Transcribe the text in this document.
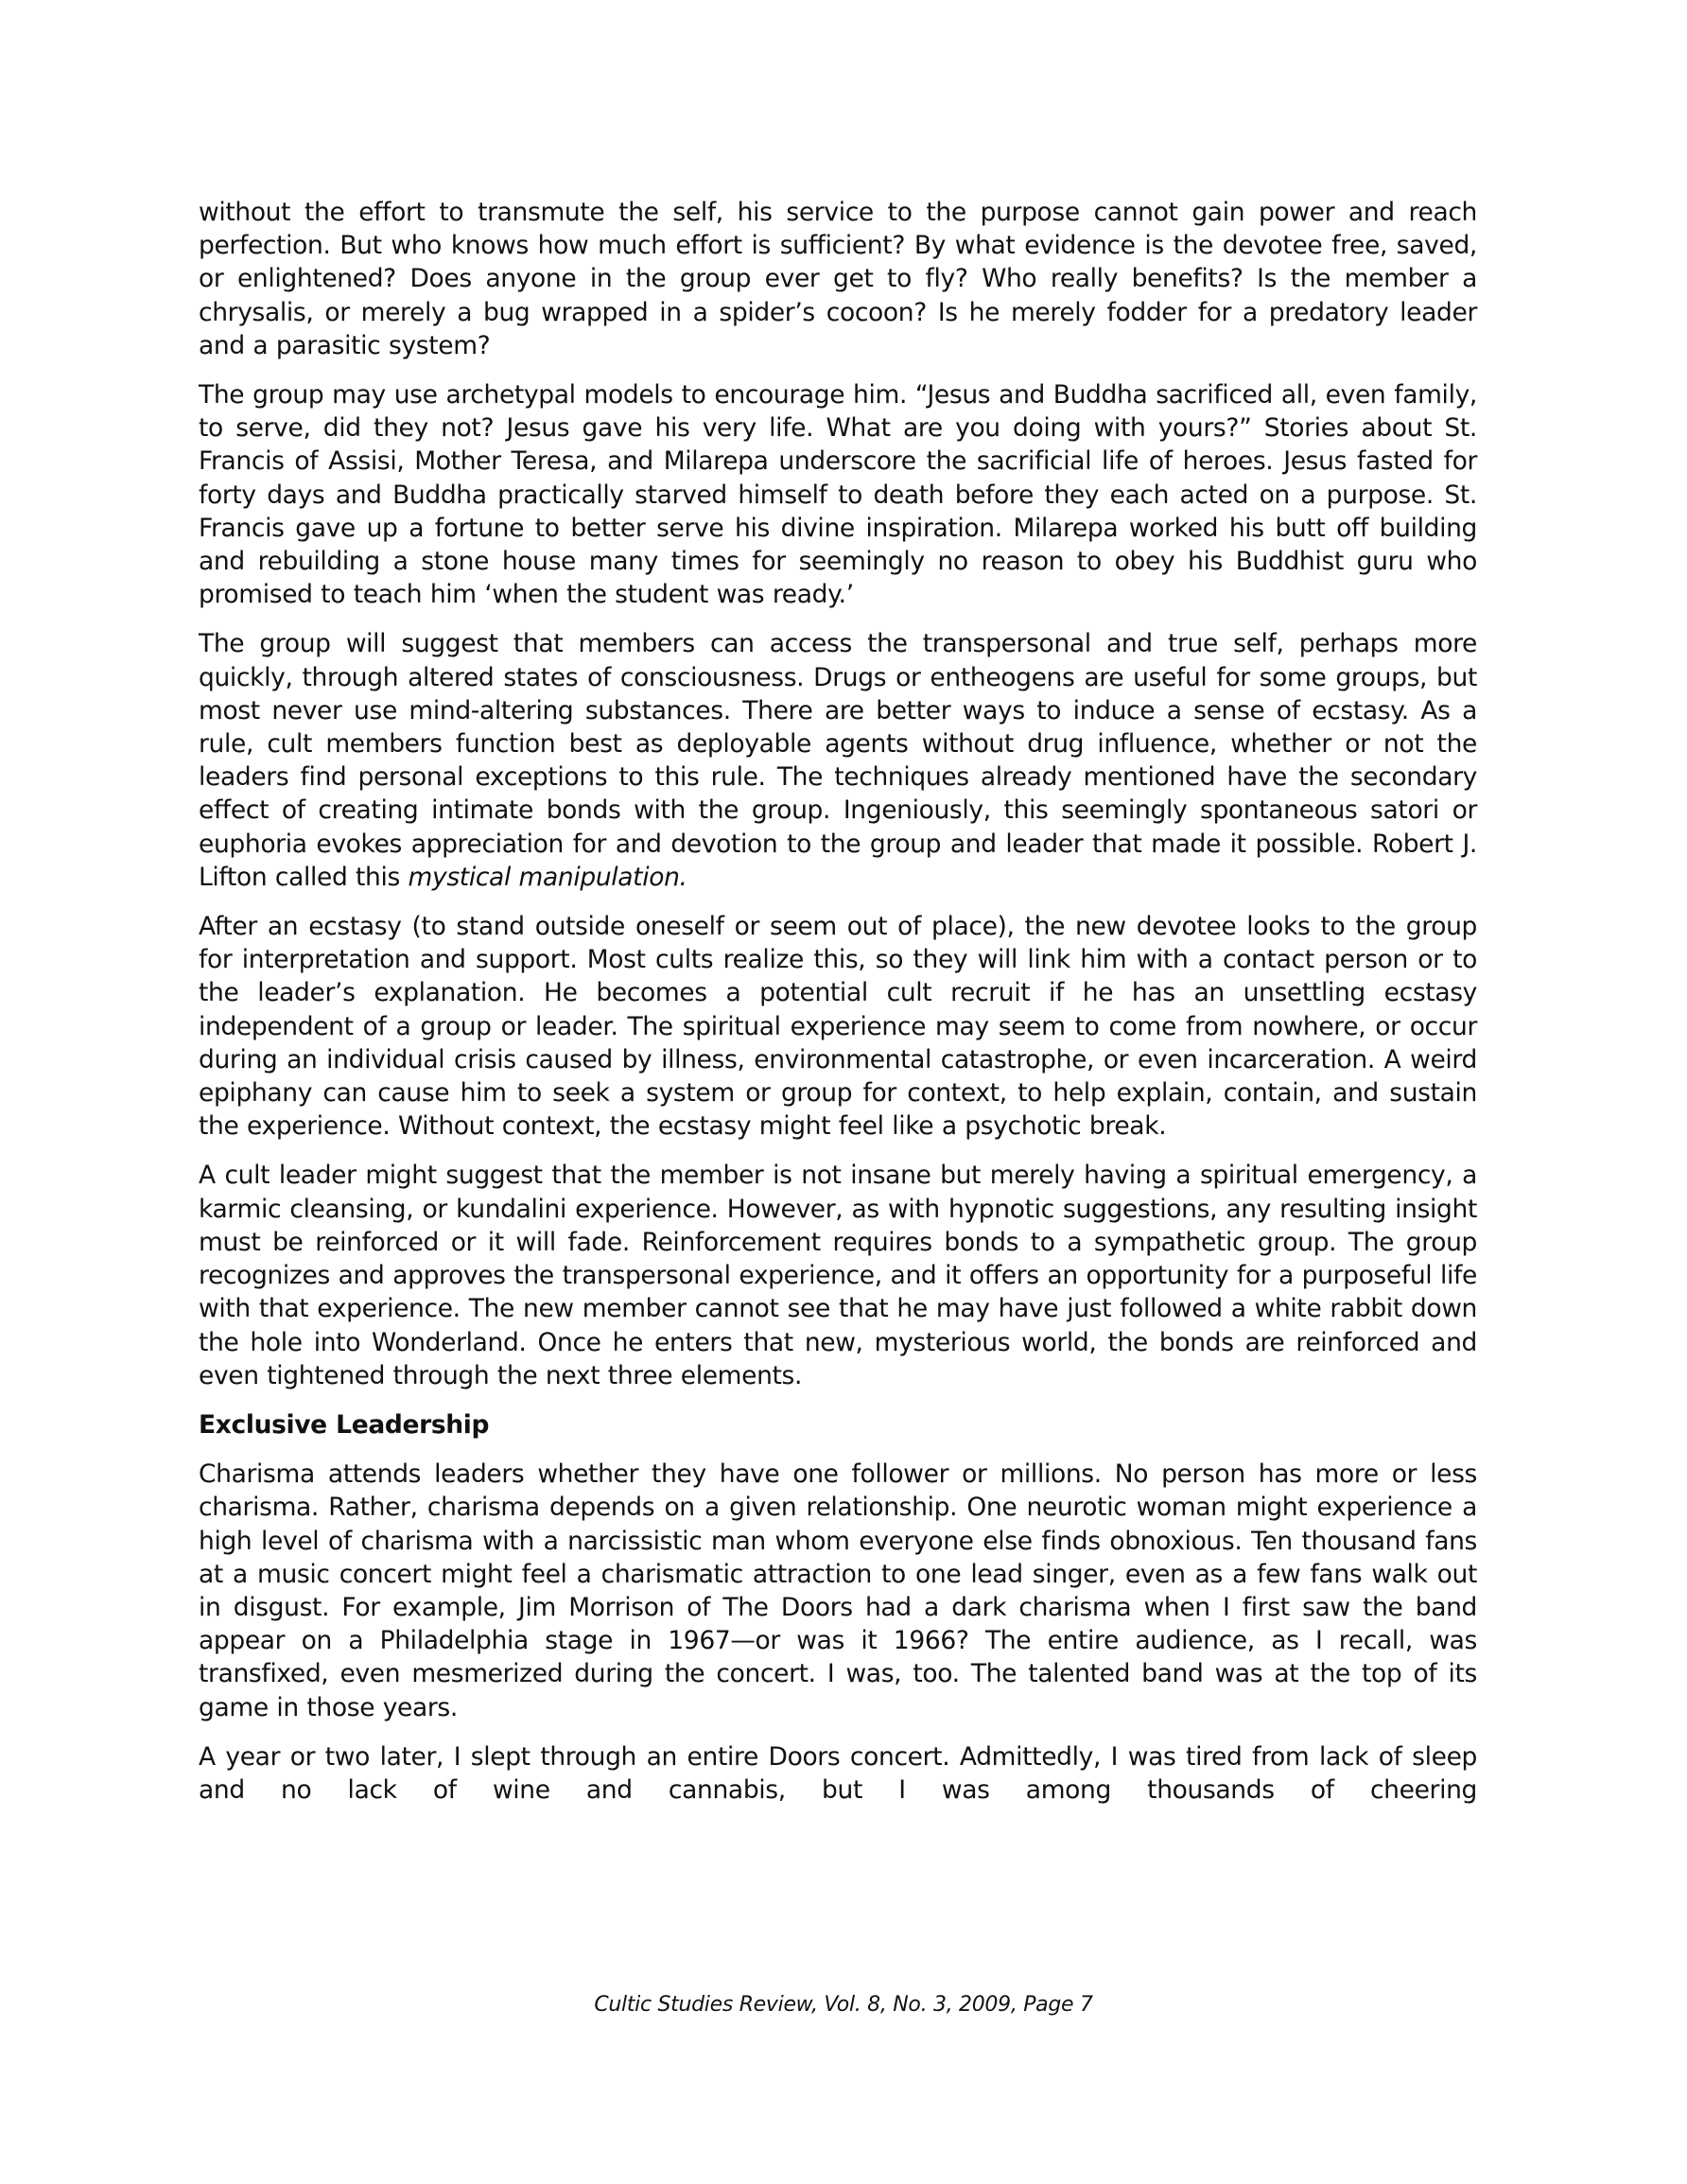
without the effort to transmute the self, his service to the purpose cannot gain power and reach perfection. But who knows how much effort is sufficient? By what evidence is the devotee free, saved, or enlightened? Does anyone in the group ever get to fly? Who really benefits? Is the member a chrysalis, or merely a bug wrapped in a spider’s cocoon? Is he merely fodder for a predatory leader and a parasitic system?

The group may use archetypal models to encourage him. “Jesus and Buddha sacrificed all, even family, to serve, did they not? Jesus gave his very life. What are you doing with yours?” Stories about St. Francis of Assisi, Mother Teresa, and Milarepa underscore the sacrificial life of heroes. Jesus fasted for forty days and Buddha practically starved himself to death before they each acted on a purpose. St. Francis gave up a fortune to better serve his divine inspiration. Milarepa worked his butt off building and rebuilding a stone house many times for seemingly no reason to obey his Buddhist guru who promised to teach him ‘when the student was ready.’

The group will suggest that members can access the transpersonal and true self, perhaps more quickly, through altered states of consciousness. Drugs or entheogens are useful for some groups, but most never use mind-altering substances. There are better ways to induce a sense of ecstasy. As a rule, cult members function best as deployable agents without drug influence, whether or not the leaders find personal exceptions to this rule. The techniques already mentioned have the secondary effect of creating intimate bonds with the group. Ingeniously, this seemingly spontaneous satori or euphoria evokes appreciation for and devotion to the group and leader that made it possible. Robert J. Lifton called this mystical manipulation.

After an ecstasy (to stand outside oneself or seem out of place), the new devotee looks to the group for interpretation and support. Most cults realize this, so they will link him with a contact person or to the leader’s explanation. He becomes a potential cult recruit if he has an unsettling ecstasy independent of a group or leader. The spiritual experience may seem to come from nowhere, or occur during an individual crisis caused by illness, environmental catastrophe, or even incarceration. A weird epiphany can cause him to seek a system or group for context, to help explain, contain, and sustain the experience. Without context, the ecstasy might feel like a psychotic break.

A cult leader might suggest that the member is not insane but merely having a spiritual emergency, a karmic cleansing, or kundalini experience. However, as with hypnotic suggestions, any resulting insight must be reinforced or it will fade. Reinforcement requires bonds to a sympathetic group. The group recognizes and approves the transpersonal experience, and it offers an opportunity for a purposeful life with that experience. The new member cannot see that he may have just followed a white rabbit down the hole into Wonderland. Once he enters that new, mysterious world, the bonds are reinforced and even tightened through the next three elements.

Exclusive Leadership

Charisma attends leaders whether they have one follower or millions. No person has more or less charisma. Rather, charisma depends on a given relationship. One neurotic woman might experience a high level of charisma with a narcissistic man whom everyone else finds obnoxious. Ten thousand fans at a music concert might feel a charismatic attraction to one lead singer, even as a few fans walk out in disgust. For example, Jim Morrison of The Doors had a dark charisma when I first saw the band appear on a Philadelphia stage in 1967—or was it 1966? The entire audience, as I recall, was transfixed, even mesmerized during the concert. I was, too. The talented band was at the top of its game in those years.

A year or two later, I slept through an entire Doors concert. Admittedly, I was tired from lack of sleep and no lack of wine and cannabis, but I was among thousands of cheering

Cultic Studies Review, Vol. 8, No. 3, 2009, Page 7
